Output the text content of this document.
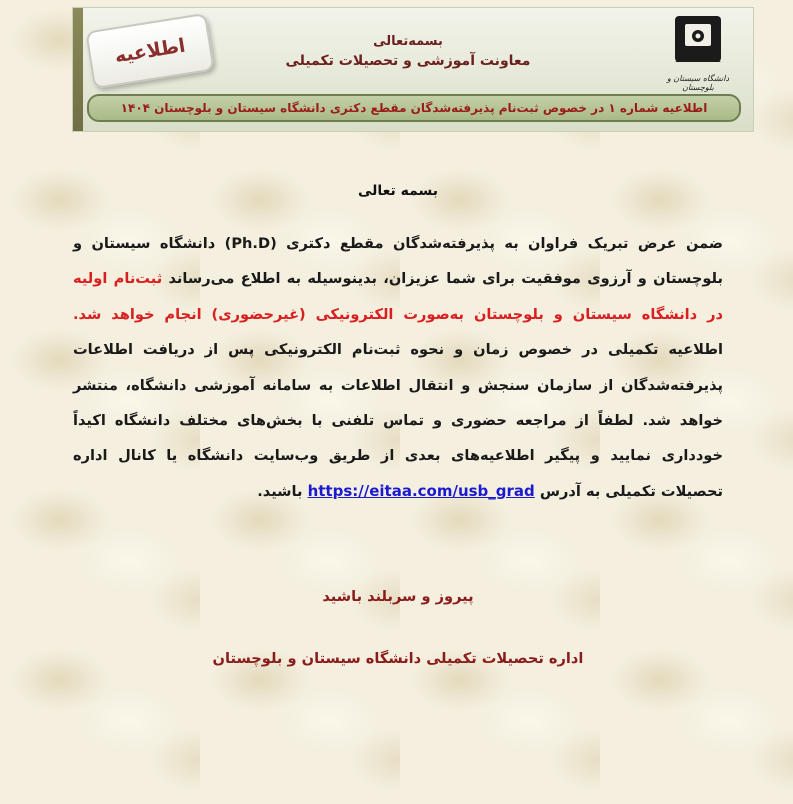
اطلاعیه	بسمه‌تعالی
معاونت آموزشی و تحصیلات تکمیلی
دانشگاه سیستان و بلوچستان
اطلاعیه شماره ۱ در خصوص ثبت‌نام پذیرفته‌شدگان مقطع دکتری دانشگاه سیستان و بلوچستان ۱۴۰۴
بسمه تعالی
ضمن عرض تبریک فراوان به پذیرفته‌شدگان مقطع دکتری (Ph.D) دانشگاه سیستان و بلوچستان و آرزوی موفقیت برای شما عزیزان، بدینوسیله به اطلاع می‌رساند ثبت‌نام اولیه در دانشگاه سیستان و بلوچستان به‌صورت الکترونیکی (غیرحضوری) انجام خواهد شد. اطلاعیه تکمیلی در خصوص زمان و نحوه ثبت‌نام الکترونیکی پس از دریافت اطلاعات پذیرفته‌شدگان از سازمان سنجش و انتقال اطلاعات به سامانه آموزشی دانشگاه، منتشر خواهد شد. لطفاً از مراجعه حضوری و تماس تلفنی با بخش‌های مختلف دانشگاه اکیداً خودداری نمایید و پیگیر اطلاعیه‌های بعدی از طریق وب‌سایت دانشگاه یا کانال اداره تحصیلات تکمیلی به آدرس https://eitaa.com/usb_grad باشید.
پیروز و سربلند باشید
اداره تحصیلات تکمیلی دانشگاه سیستان و بلوچستان
